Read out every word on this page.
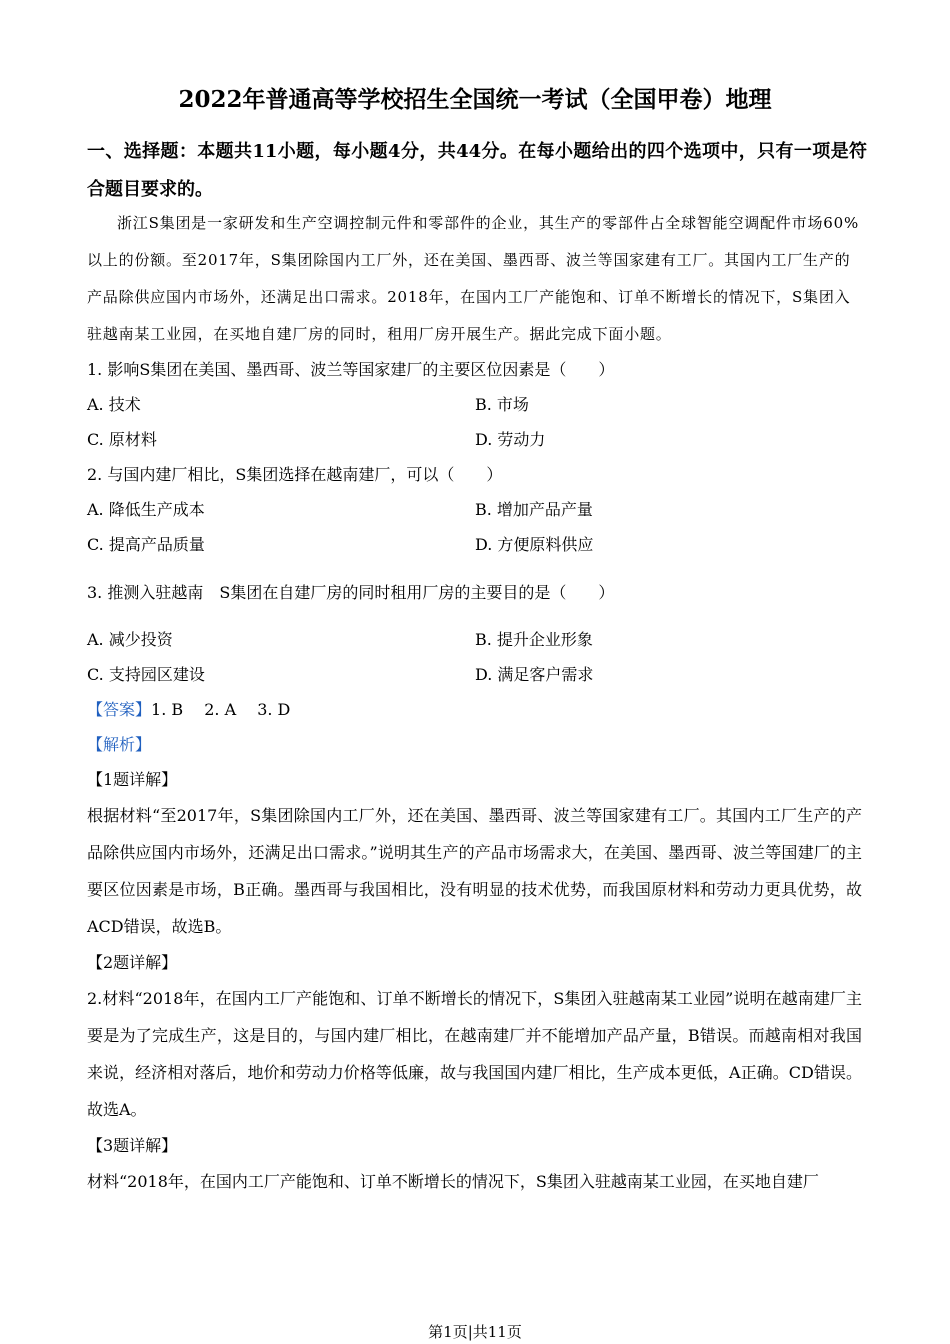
2022年普通高等学校招生全国统一考试（全国甲卷）地理
一、选择题：本题共11小题，每小题4分，共44分。在每小题给出的四个选项中，只有一项是符合题目要求的。
浙江S集团是一家研发和生产空调控制元件和零部件的企业，其生产的零部件占全球智能空调配件市场60%以上的份额。至2017年，S集团除国内工厂外，还在美国、墨西哥、波兰等国家建有工厂。其国内工厂生产的产品除供应国内市场外，还满足出口需求。2018年，在国内工厂产能饱和、订单不断增长的情况下，S集团入驻越南某工业园，在买地自建厂房的同时，租用厂房开展生产。据此完成下面小题。
1. 影响S集团在美国、墨西哥、波兰等国家建厂的主要区位因素是（　　）
A. 技术	B. 市场
C. 原材料	D. 劳动力
2. 与国内建厂相比，S集团选择在越南建厂，可以（　　）
A. 降低生产成本	B. 增加产品产量
C. 提高产品质量	D. 方便原料供应
3. 推测入驻越南　S集团在自建厂房的同时租用厂房的主要目的是（　　）
A. 减少投资	B. 提升企业形象
C. 支持园区建设	D. 满足客户需求
【答案】1. B　 2. A　 3. D
【解析】
【1题详解】
根据材料“至2017年，S集团除国内工厂外，还在美国、墨西哥、波兰等国家建有工厂。其国内工厂生产的产品除供应国内市场外，还满足出口需求。”说明其生产的产品市场需求大，在美国、墨西哥、波兰等国建厂的主要区位因素是市场，B正确。墨西哥与我国相比，没有明显的技术优势，而我国原材料和劳动力更具优势，故ACD错误，故选B。
【2题详解】
2.材料“2018年，在国内工厂产能饱和、订单不断增长的情况下，S集团入驻越南某工业园”说明在越南建厂主要是为了完成生产，这是目的，与国内建厂相比，在越南建厂并不能增加产品产量，B错误。而越南相对我国来说，经济相对落后，地价和劳动力价格等低廉，故与我国国内建厂相比，生产成本更低，A正确。CD错误。故选A。
【3题详解】
材料“2018年，在国内工厂产能饱和、订单不断增长的情况下，S集团入驻越南某工业园，在买地自建厂
第1页|共11页
